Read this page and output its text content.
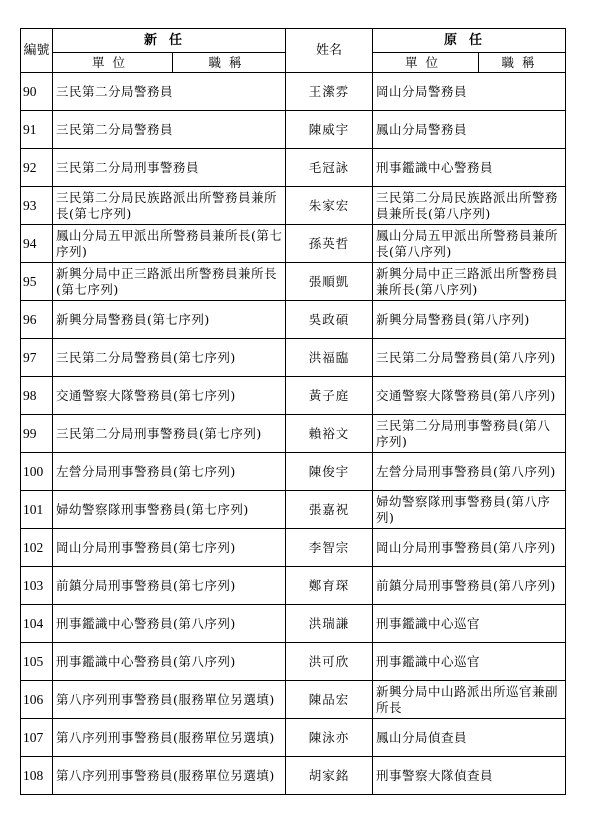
編號	新任		姓名	原任	
	單位	職稱		單位	職稱
90	三民第二分局警務員		王瀠雰	岡山分局警務員	
91	三民第二分局警務員		陳威宇	鳳山分局警務員	
92	三民第二分局刑事警務員		毛冠詠	刑事鑑識中心警務員	
93	三民第二分局民族路派出所警務員兼所長(第七序列)		朱家宏	三民第二分局民族路派出所警務員兼所長(第八序列)	
94	鳳山分局五甲派出所警務員兼所長(第七序列)		孫英哲	鳳山分局五甲派出所警務員兼所長(第八序列)	
95	新興分局中正三路派出所警務員兼所長(第七序列)		張順凱	新興分局中正三路派出所警務員兼所長(第八序列)	
96	新興分局警務員(第七序列)		吳政碩	新興分局警務員(第八序列)	
97	三民第二分局警務員(第七序列)		洪福臨	三民第二分局警務員(第八序列)	
98	交通警察大隊警務員(第七序列)		黃子庭	交通警察大隊警務員(第八序列)	
99	三民第二分局刑事警務員(第七序列)		賴裕文	三民第二分局刑事警務員(第八序列)	
100	左營分局刑事警務員(第七序列)		陳俊宇	左營分局刑事警務員(第八序列)	
101	婦幼警察隊刑事警務員(第七序列)		張嘉祝	婦幼警察隊刑事警務員(第八序列)	
102	岡山分局刑事警務員(第七序列)		李智宗	岡山分局刑事警務員(第八序列)	
103	前鎮分局刑事警務員(第七序列)		鄭育琛	前鎮分局刑事警務員(第八序列)	
104	刑事鑑識中心警務員(第八序列)		洪瑞謙	刑事鑑識中心巡官	
105	刑事鑑識中心警務員(第八序列)		洪可欣	刑事鑑識中心巡官	
106	第八序列刑事警務員(服務單位另選填)		陳品宏	新興分局中山路派出所巡官兼副所長	
107	第八序列刑事警務員(服務單位另選填)		陳泳亦	鳳山分局偵查員	
108	第八序列刑事警務員(服務單位另選填)		胡家銘	刑事警察大隊偵查員	
